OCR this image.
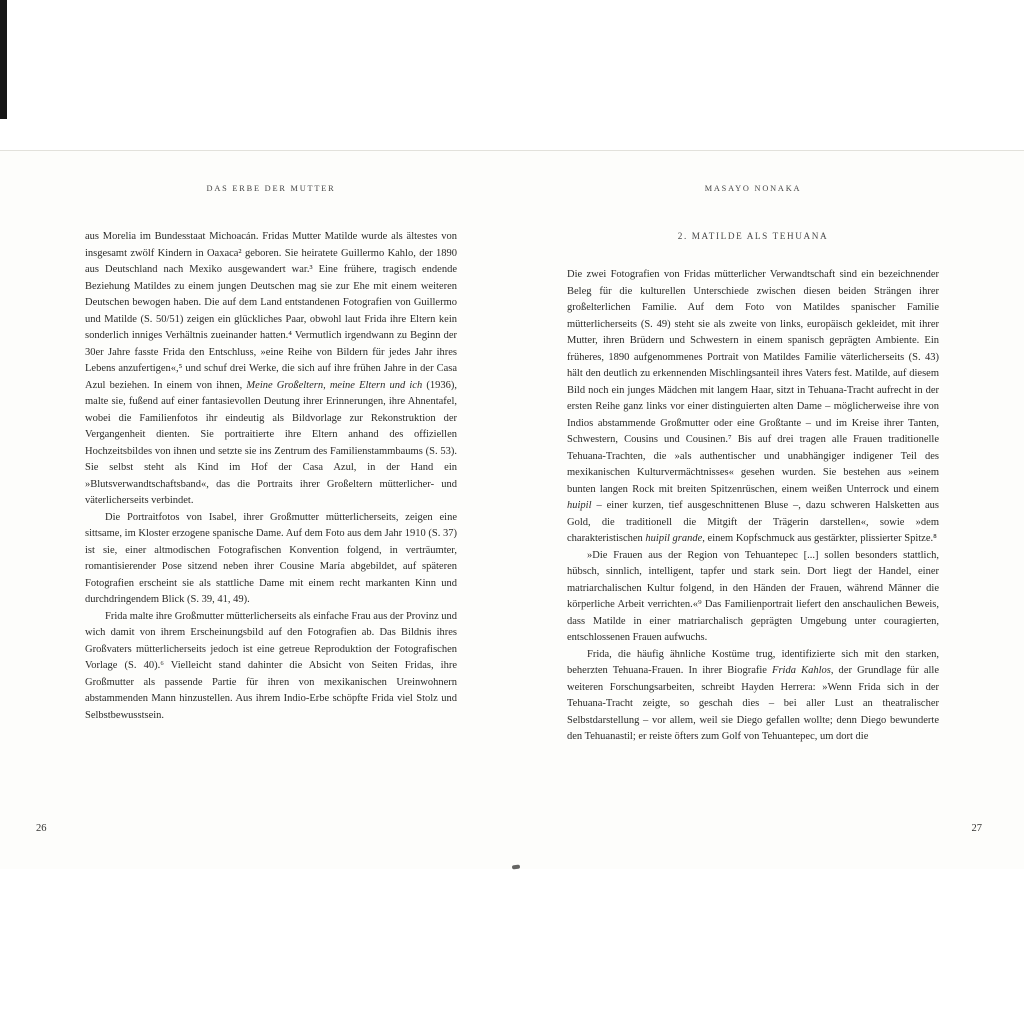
DAS ERBE DER MUTTER

aus Morelia im Bundesstaat Michoacán. Fridas Mutter Matilde wurde als ältestes von insgesamt zwölf Kindern in Oaxaca² geboren. Sie heiratete Guillermo Kahlo, der 1890 aus Deutschland nach Mexiko ausgewandert war.³ Eine frühere, tragisch endende Beziehung Matildes zu einem jungen Deutschen mag sie zur Ehe mit einem weiteren Deutschen bewogen haben. Die auf dem Land entstandenen Fotografien von Guillermo und Matilde (S. 50/51) zeigen ein glückliches Paar, obwohl laut Frida ihre Eltern kein sonderlich inniges Verhältnis zueinander hatten.⁴ Vermutlich irgendwann zu Beginn der 30er Jahre fasste Frida den Entschluss, »eine Reihe von Bildern für jedes Jahr ihres Lebens anzufertigen«,⁵ und schuf drei Werke, die sich auf ihre frühen Jahre in der Casa Azul beziehen. In einem von ihnen, Meine Großeltern, meine Eltern und ich (1936), malte sie, fußend auf einer fantasievollen Deutung ihrer Erinnerungen, ihre Ahnentafel, wobei die Familienfotos ihr eindeutig als Bildvorlage zur Rekonstruktion der Vergangenheit dienten. Sie portraitierte ihre Eltern anhand des offiziellen Hochzeitsbildes von ihnen und setzte sie ins Zentrum des Familienstammbaums (S. 53). Sie selbst steht als Kind im Hof der Casa Azul, in der Hand ein »Blutsverwandtschaftsband«, das die Portraits ihrer Großeltern mütterlicher- und väterlicherseits verbindet.

Die Portraitfotos von Isabel, ihrer Großmutter mütterlicherseits, zeigen eine sittsame, im Kloster erzogene spanische Dame. Auf dem Foto aus dem Jahr 1910 (S. 37) ist sie, einer altmodischen Fotografischen Konvention folgend, in verträumter, romantisierender Pose sitzend neben ihrer Cousine María abgebildet, auf späteren Fotografien erscheint sie als stattliche Dame mit einem recht markanten Kinn und durchdringendem Blick (S. 39, 41, 49).

Frida malte ihre Großmutter mütterlicherseits als einfache Frau aus der Provinz und wich damit von ihrem Erscheinungsbild auf den Fotografien ab. Das Bildnis ihres Großvaters mütterlicherseits jedoch ist eine getreue Reproduktion der Fotografischen Vorlage (S. 40).⁶ Vielleicht stand dahinter die Absicht von Seiten Fridas, ihre Großmutter als passende Partie für ihren von mexikanischen Ureinwohnern abstammenden Mann hinzustellen. Aus ihrem Indio-Erbe schöpfte Frida viel Stolz und Selbstbewusstsein.

MASAYO NONAKA
2. MATILDE ALS TEHUANA

Die zwei Fotografien von Fridas mütterlicher Verwandtschaft sind ein bezeichnender Beleg für die kulturellen Unterschiede zwischen diesen beiden Strängen ihrer großelterlichen Familie. Auf dem Foto von Matildes spanischer Familie mütterlicherseits (S. 49) steht sie als zweite von links, europäisch gekleidet, mit ihrer Mutter, ihren Brüdern und Schwestern in einem spanisch geprägten Ambiente. Ein früheres, 1890 aufgenommenes Portrait von Matildes Familie väterlicherseits (S. 43) hält den deutlich zu erkennenden Mischlingsanteil ihres Vaters fest. Matilde, auf diesem Bild noch ein junges Mädchen mit langem Haar, sitzt in Tehuana-Tracht aufrecht in der ersten Reihe ganz links vor einer distinguierten alten Dame – möglicherweise ihre von Indios abstammende Großmutter oder eine Großtante – und im Kreise ihrer Tanten, Schwestern, Cousins und Cousinen.⁷ Bis auf drei tragen alle Frauen traditionelle Tehuana-Trachten, die »als authentischer und unabhängiger indigener Teil des mexikanischen Kulturvermächtnisses« gesehen wurden. Sie bestehen aus »einem bunten langen Rock mit breiten Spitzenrüschen, einem weißen Unterrock und einem huipil – einer kurzen, tief ausgeschnittenen Bluse –, dazu schweren Halsketten aus Gold, die traditionell die Mitgift der Trägerin darstellen«, sowie »dem charakteristischen huipil grande, einem Kopfschmuck aus gestärkter, plissierter Spitze.⁸

»Die Frauen aus der Region von Tehuantepec [...] sollen besonders stattlich, hübsch, sinnlich, intelligent, tapfer und stark sein. Dort liegt der Handel, einer matriarchalischen Kultur folgend, in den Händen der Frauen, während Männer die körperliche Arbeit verrichten.«⁹ Das Familienportrait liefert den anschaulichen Beweis, dass Matilde in einer matriarchalisch geprägten Umgebung unter couragierten, entschlossenen Frauen aufwuchs.

Frida, die häufig ähnliche Kostüme trug, identifizierte sich mit den starken, beherzten Tehuana-Frauen. In ihrer Biografie Frida Kahlos, der Grundlage für alle weiteren Forschungsarbeiten, schreibt Hayden Herrera: »Wenn Frida sich in der Tehuana-Tracht zeigte, so geschah dies – bei aller Lust an theatralischer Selbstdarstellung – vor allem, weil sie Diego gefallen wollte; denn Diego bewunderte den Tehuanastil; er reiste öfters zum Golf von Tehuantepec, um dort die

26	27
